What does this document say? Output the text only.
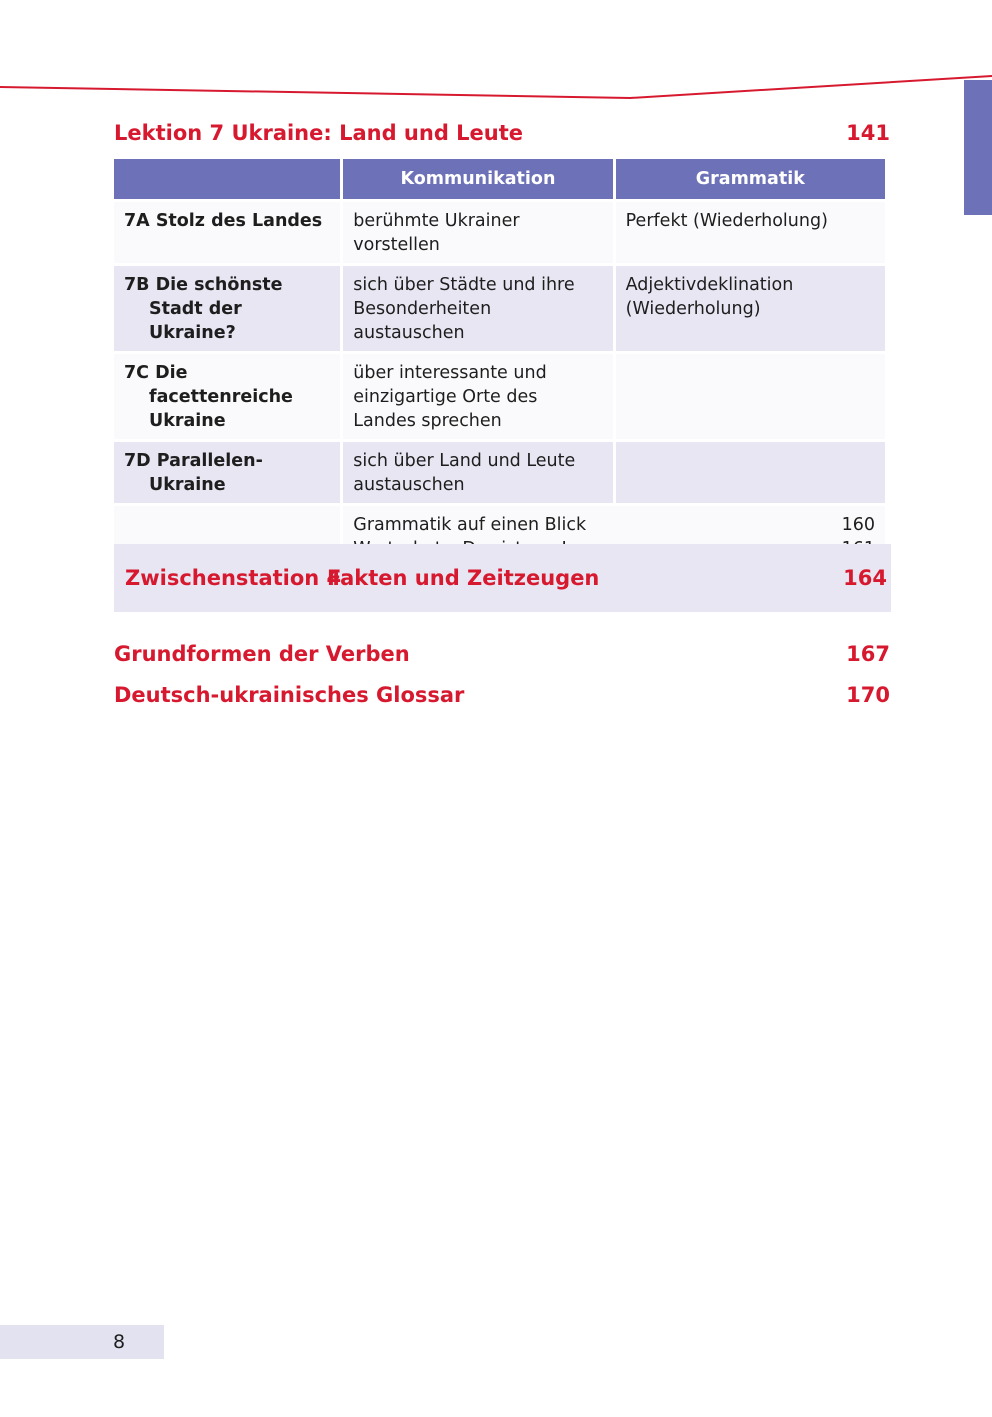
Lektion 7 Ukraine: Land und Leute	141
	Kommunikation	Grammatik

7A Stolz des Landes	berühmte Ukrainer vorstellen	Perfekt (Wiederholung)

7B Die schönste Stadt der Ukraine?	sich über Städte und ihre Besonderheiten austauschen	Adjektivdeklination (Wiederholung)

7C Die facettenreiche Ukraine	über interessante und einzigartige Orte des Landes sprechen	

7D Parallelen-Ukraine	sich über Land und Leute austauschen	

	Grammatik auf einen Blick 160	
Zwischenstation 4
Fakten und Zeitzeugen	164
Grundformen der Verben	167
Deutsch-ukrainisches Glossar	170
8
